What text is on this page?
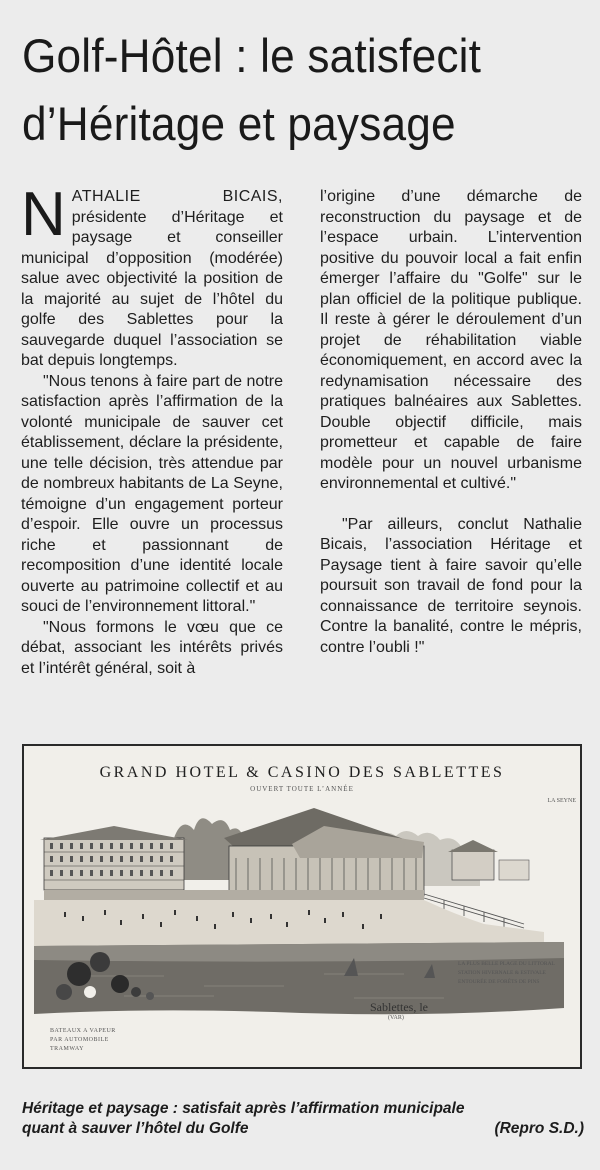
Golf-Hôtel : le satisfecit
d’Héritage et paysage

NATHALIE BICAIS, présidente d’Héritage et paysage et conseiller municipal d’opposition (modérée) salue avec objectivité la position de la majorité au sujet de l’hôtel du golfe des Sablettes pour la sauvegarde duquel l’association se bat depuis longtemps.

"Nous tenons à faire part de notre satisfaction après l’affirmation de la volonté municipale de sauver cet établissement, déclare la présidente, une telle décision, très attendue par de nombreux habitants de La Seyne, témoigne d’un engagement porteur d’espoir. Elle ouvre un processus riche et passionnant de recomposition d’une identité locale ouverte au patrimoine collectif et au souci de l’environnement littoral."

"Nous formons le vœu que ce débat, associant les intérêts privés et l’intérêt général, soit à

l’origine d’une démarche de reconstruction du paysage et de l’espace urbain. L’intervention positive du pouvoir local a fait enfin émerger l’affaire du "Golfe" sur le plan officiel de la politique publique. Il reste à gérer le déroulement d’un projet de réhabilitation viable économiquement, en accord avec la redynamisation nécessaire des pratiques balnéaires aux Sablettes. Double objectif difficile, mais prometteur et capable de faire modèle pour un nouvel urbanisme environnemental et cultivé."

"Par ailleurs, conclut Nathalie Bicais, l’association Héritage et Paysage tient à faire savoir qu’elle poursuit son travail de fond pour la connaissance de territoire seynois. Contre la banalité, contre le mépris, contre l’oubli !"

GRAND HOTEL & CASINO DES SABLETTES
OUVERT TOUTE L’ANNÉE
LA SEYNE
LA PLUS BELLE PLAGE DU LITTORAL
STATION HIVERNALE & ESTIVALE
ENTOURÉE DE FORÊTS DE PINS
Sablettes, le
(VAR)
BATEAUX A VAPEUR
PAR AUTOMOBILE
TRAMWAY
Héritage et paysage : satisfait après l’affirmation municipale
quant à sauver l’hôtel du Golfe	(Repro S.D.)
